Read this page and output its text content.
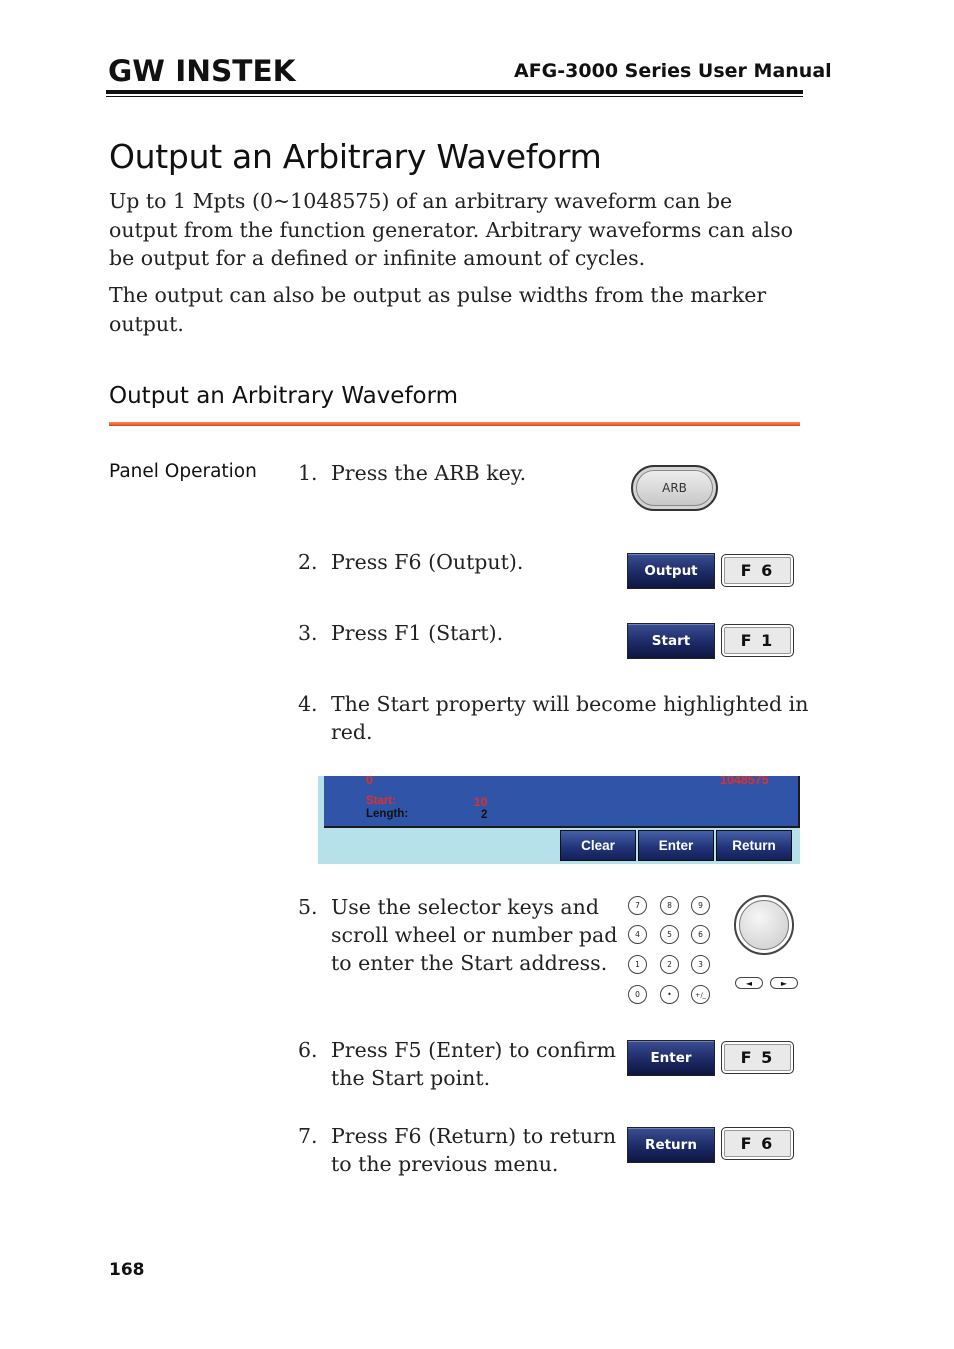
GW INSTEK	AFG-3000 Series User Manual
Output an Arbitrary Waveform
Up to 1 Mpts (0~1048575) of an arbitrary waveform can be output from the function generator. Arbitrary waveforms can also be output for a defined or infinite amount of cycles.
The output can also be output as pulse widths from the marker output.
Output an Arbitrary Waveform
Panel Operation 1. Press the ARB key.
ARB
2. Press F6 (Output).	Output	F 6
3. Press F1 (Start).	Start	F 1
4. The Start property will become highlighted in
red.
0	1048575
Start:	10
Length:	2
Clear	Enter	Return
5. Use the selector keys and
scroll wheel or number pad
to enter the Start address.
7	8	9
4	5	6
1	2	3
0	•	+/_
◄	►
6. Press F5 (Enter) to confirm
the Start point.
Enter	F 5
7. Press F6 (Return) to return
to the previous menu.
Return	F 6
168
